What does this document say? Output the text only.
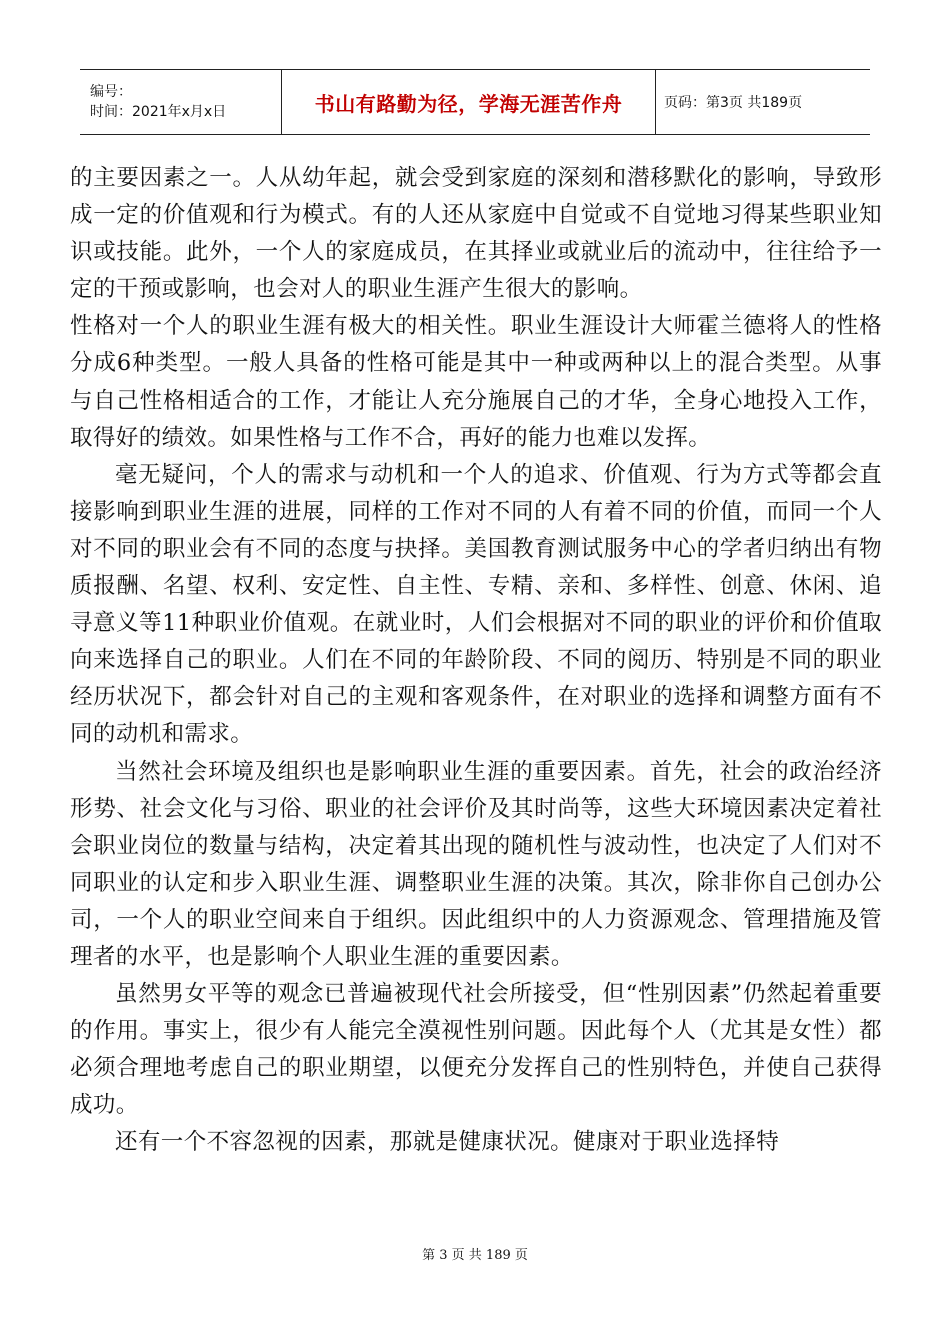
编号：
时间：2021年x月x日	书山有路勤为径，学海无涯苦作舟	页码：第3页 共189页

的主要因素之一。人从幼年起，就会受到家庭的深刻和潜移默化的影响，导致形成一定的价值观和行为模式。有的人还从家庭中自觉或不自觉地习得某些职业知识或技能。此外，一个人的家庭成员，在其择业或就业后的流动中，往往给予一定的干预或影响，也会对人的职业生涯产生很大的影响。

性格对一个人的职业生涯有极大的相关性。职业生涯设计大师霍兰德将人的性格分成6种类型。一般人具备的性格可能是其中一种或两种以上的混合类型。从事与自己性格相适合的工作，才能让人充分施展自己的才华，全身心地投入工作，取得好的绩效。如果性格与工作不合，再好的能力也难以发挥。

毫无疑问，个人的需求与动机和一个人的追求、价值观、行为方式等都会直接影响到职业生涯的进展，同样的工作对不同的人有着不同的价值，而同一个人对不同的职业会有不同的态度与抉择。美国教育测试服务中心的学者归纳出有物质报酬、名望、权利、安定性、自主性、专精、亲和、多样性、创意、休闲、追寻意义等11种职业价值观。在就业时，人们会根据对不同的职业的评价和价值取向来选择自己的职业。人们在不同的年龄阶段、不同的阅历、特别是不同的职业经历状况下，都会针对自己的主观和客观条件，在对职业的选择和调整方面有不同的动机和需求。

当然社会环境及组织也是影响职业生涯的重要因素。首先，社会的政治经济形势、社会文化与习俗、职业的社会评价及其时尚等，这些大环境因素决定着社会职业岗位的数量与结构，决定着其出现的随机性与波动性，也决定了人们对不同职业的认定和步入职业生涯、调整职业生涯的决策。其次，除非你自己创办公司，一个人的职业空间来自于组织。因此组织中的人力资源观念、管理措施及管理者的水平，也是影响个人职业生涯的重要因素。

虽然男女平等的观念已普遍被现代社会所接受，但“性别因素”仍然起着重要的作用。事实上，很少有人能完全漠视性别问题。因此每个人（尤其是女性）都必须合理地考虑自己的职业期望，以便充分发挥自己的性别特色，并使自己获得成功。

还有一个不容忽视的因素，那就是健康状况。健康对于职业选择特

第 3 页 共 189 页
